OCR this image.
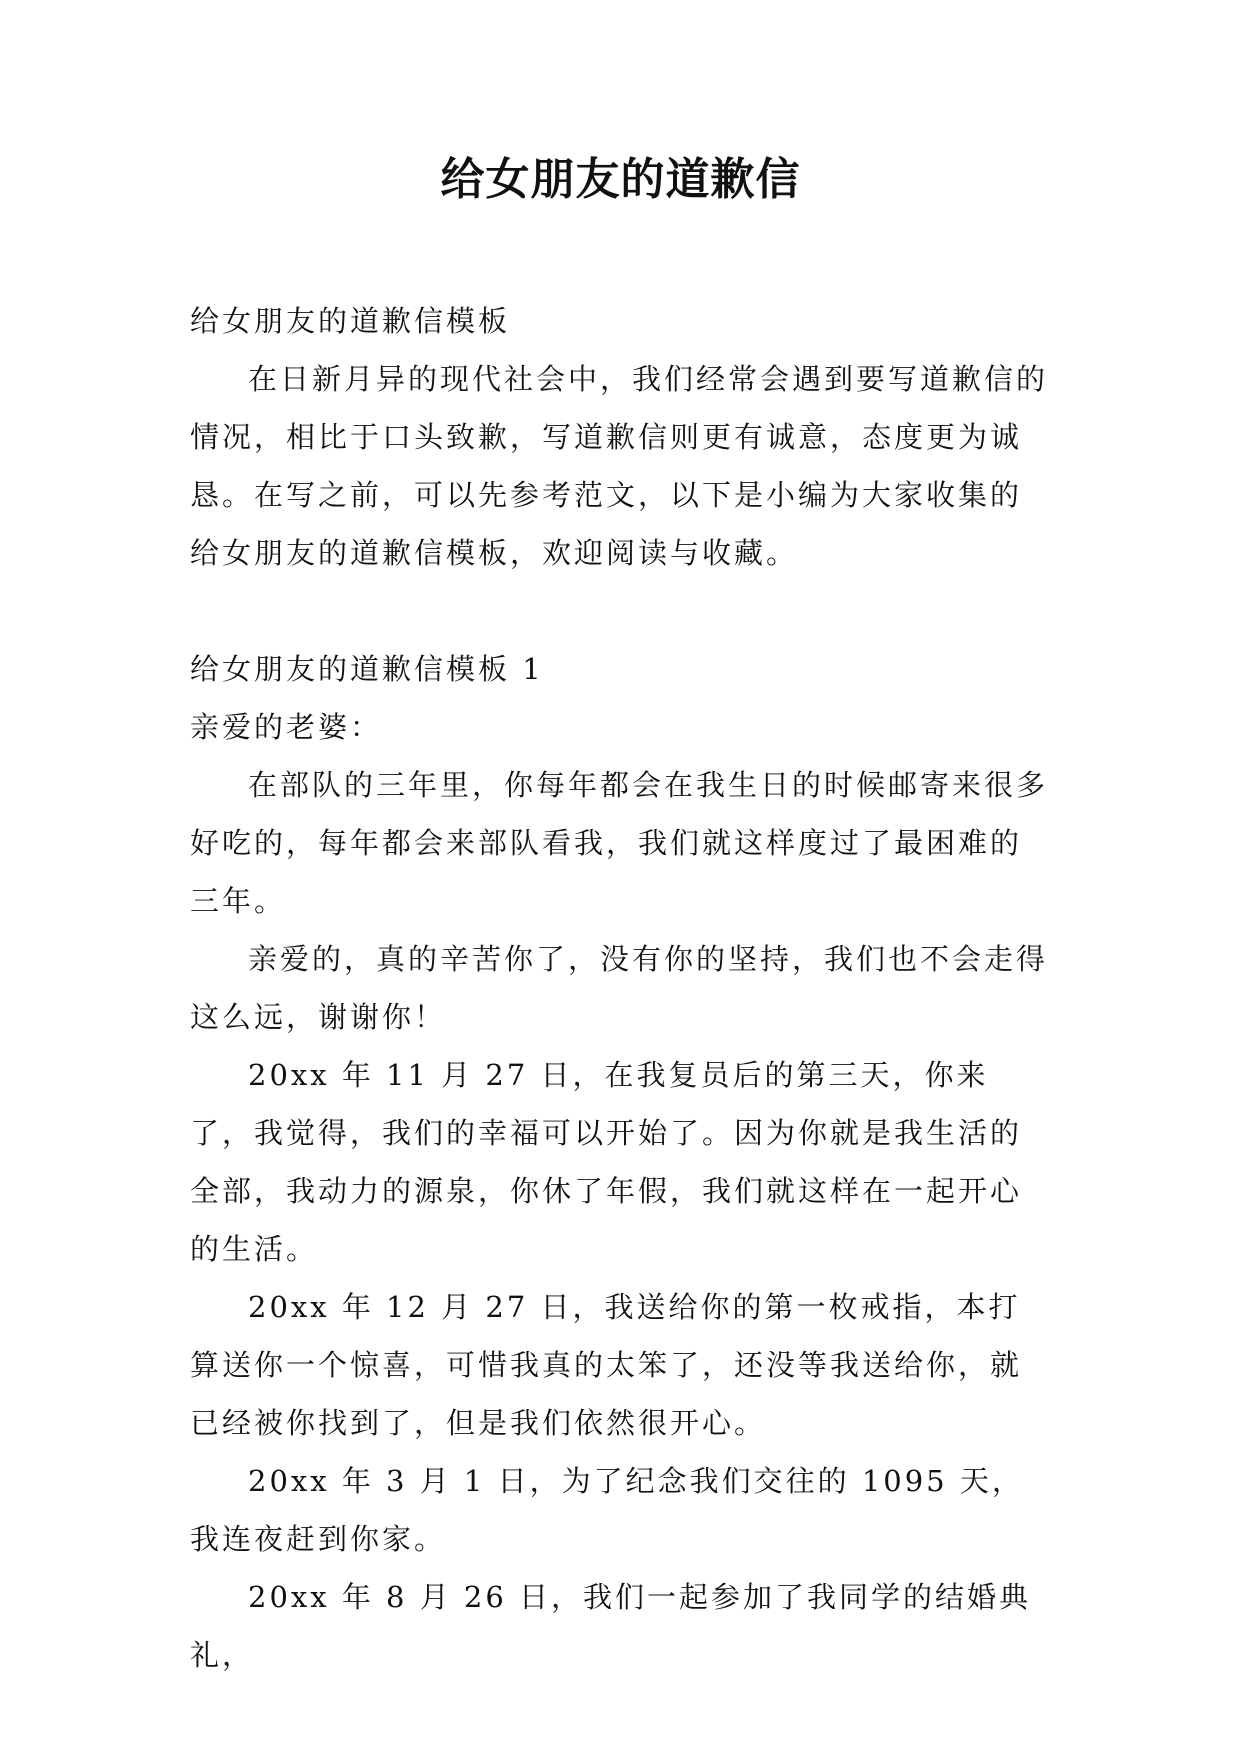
给女朋友的道歉信

给女朋友的道歉信模板

在日新月异的现代社会中，我们经常会遇到要写道歉信的情况，相比于口头致歉，写道歉信则更有诚意，态度更为诚恳。在写之前，可以先参考范文，以下是小编为大家收集的给女朋友的道歉信模板，欢迎阅读与收藏。

给女朋友的道歉信模板 1

亲爱的老婆：

在部队的三年里，你每年都会在我生日的时候邮寄来很多好吃的，每年都会来部队看我，我们就这样度过了最困难的三年。

亲爱的，真的辛苦你了，没有你的坚持，我们也不会走得这么远，谢谢你！

20xx 年 11 月 27 日，在我复员后的第三天，你来了，我觉得，我们的幸福可以开始了。因为你就是我生活的全部，我动力的源泉，你休了年假，我们就这样在一起开心的生活。

20xx 年 12 月 27 日，我送给你的第一枚戒指，本打算送你一个惊喜，可惜我真的太笨了，还没等我送给你，就已经被你找到了，但是我们依然很开心。

20xx 年 3 月 1 日，为了纪念我们交往的 1095 天，我连夜赶到你家。

20xx 年 8 月 26 日，我们一起参加了我同学的结婚典礼，
